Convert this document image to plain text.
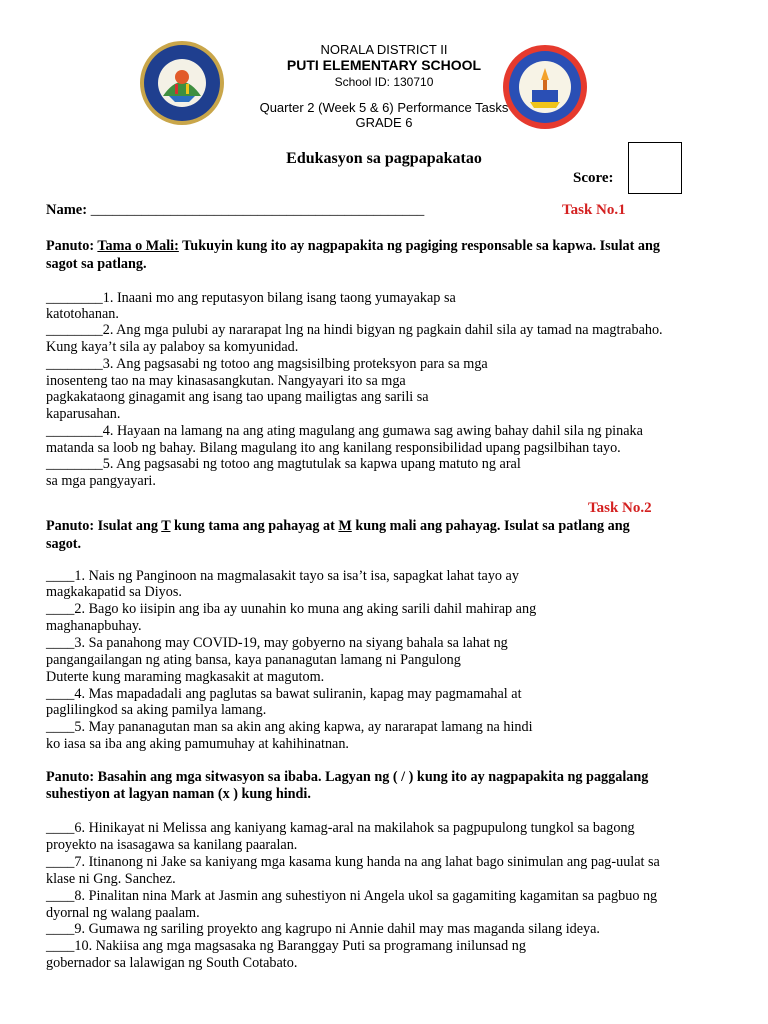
NORALA DISTRICT II
PUTI ELEMENTARY SCHOOL
School ID: 130710
Quarter 2 (Week 5 & 6) Performance Tasks
GRADE 6
Edukasyon sa pagpapakatao
Score:
Name: ______________________________________________	Task No.1
Panuto: Tama o Mali: Tukuyin kung ito ay nagpapakita ng pagiging responsable sa kapwa. Isulat ang
sagot sa patlang.
________1. Inaani mo ang reputasyon bilang isang taong yumayakap sa
katotohanan.
________2. Ang mga pulubi ay nararapat lng na hindi bigyan ng pagkain dahil sila ay tamad na magtrabaho.
Kung kaya’t sila ay palaboy sa komyunidad.
________3. Ang pagsasabi ng totoo ang magsisilbing proteksyon para sa mga
inosenteng tao na may kinasasangkutan. Nangyayari ito sa mga
pagkakataong ginagamit ang isang tao upang mailigtas ang sarili sa
kaparusahan.
________4. Hayaan na lamang na ang ating magulang ang gumawa sag awing bahay dahil sila ng pinaka
matanda sa loob ng bahay. Bilang magulang ito ang kanilang responsibilidad upang pagsilbihan tayo.
________5. Ang pagsasabi ng totoo ang magtutulak sa kapwa upang matuto ng aral
sa mga pangyayari.
Task No.2
Panuto: Isulat ang T kung tama ang pahayag at M kung mali ang pahayag. Isulat sa patlang ang
sagot.
____1. Nais ng Panginoon na magmalasakit tayo sa isa’t isa, sapagkat lahat tayo ay
magkakapatid sa Diyos.
____2. Bago ko iisipin ang iba ay uunahin ko muna ang aking sarili dahil mahirap ang
maghanapbuhay.
____3. Sa panahong may COVID-19, may gobyerno na siyang bahala sa lahat ng
pangangailangan ng ating bansa, kaya pananagutan lamang ni Pangulong
Duterte kung maraming magkasakit at magutom.
____4. Mas mapadadali ang paglutas sa bawat suliranin, kapag may pagmamahal at
paglilingkod sa aking pamilya lamang.
____5. May pananagutan man sa akin ang aking kapwa, ay nararapat lamang na hindi
ko iasa sa iba ang aking pamumuhay at kahihinatnan.
Panuto: Basahin ang mga sitwasyon sa ibaba. Lagyan ng ( / ) kung ito ay nagpapakita ng paggalang
suhestiyon at lagyan naman (x ) kung hindi.
____6. Hinikayat ni Melissa ang kaniyang kamag-aral na makilahok sa pagpupulong tungkol sa bagong
proyekto na isasagawa sa kanilang paaralan.
____7. Itinanong ni Jake sa kaniyang mga kasama kung handa na ang lahat bago sinimulan ang pag-uulat sa
klase ni Gng. Sanchez.
____8. Pinalitan nina Mark at Jasmin ang suhestiyon ni Angela ukol sa gagamiting kagamitan sa pagbuo ng
dyornal ng walang paalam.
____9. Gumawa ng sariling proyekto ang kagrupo ni Annie dahil may mas maganda silang ideya.
____10. Nakiisa ang mga magsasaka ng Baranggay Puti sa programang inilunsad ng
gobernador sa lalawigan ng South Cotabato.
